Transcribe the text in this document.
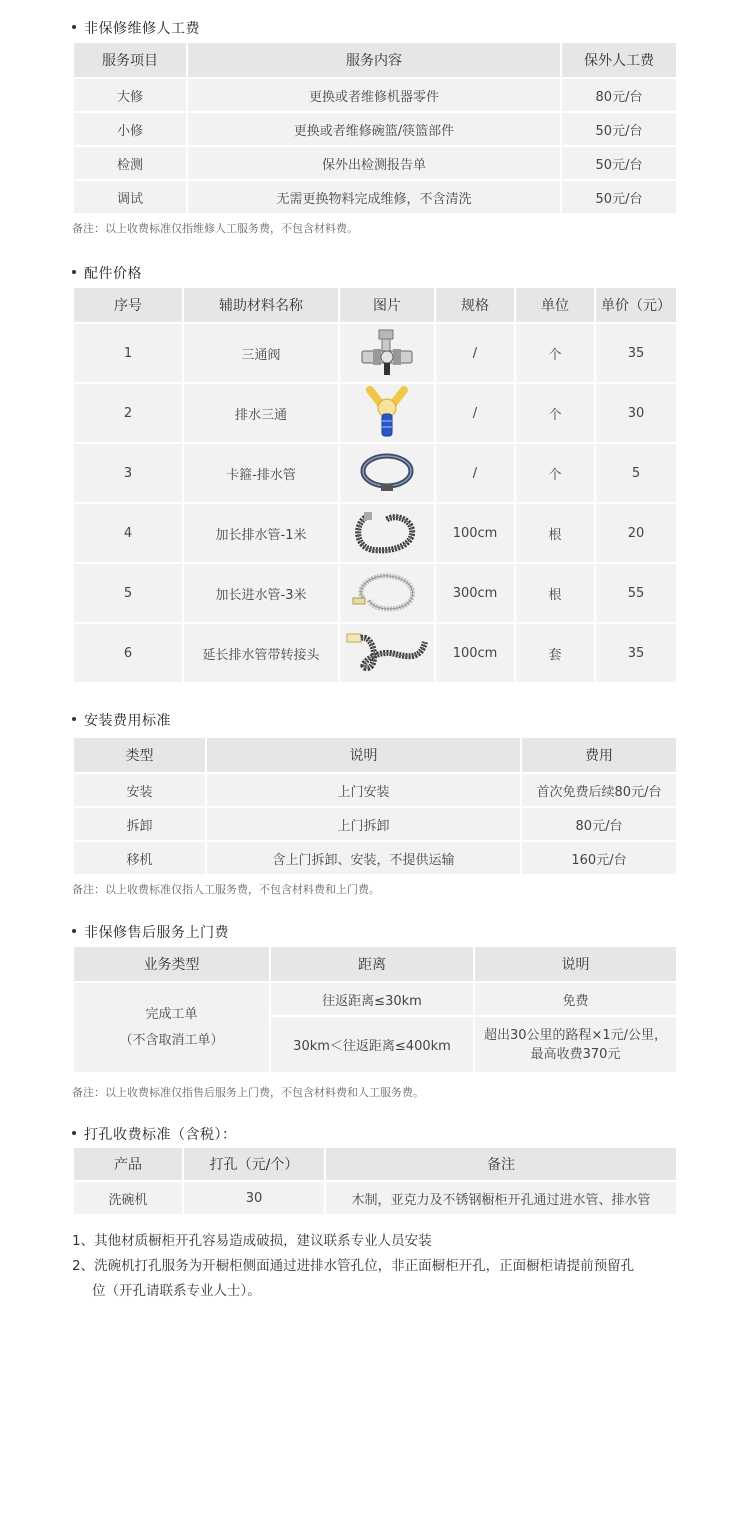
非保修维修人工费
服务项目	服务内容	保外人工费
大修	更换或者维修机器零件	80元/台
小修	更换或者维修碗篮/筷篮部件	50元/台
检测	保外出检测报告单	50元/台
调试	无需更换物料完成维修，不含清洗	50元/台
备注：以上收费标准仅指维修人工服务费，不包含材料费。
配件价格
序号	辅助材料名称	图片	规格	单位	单价（元）
1	三通阀		/	个	35
2	排水三通		/	个	30
3	卡箍-排水管		/	个	5
4	加长排水管-1米		100cm	根	20
5	加长进水管-3米		300cm	根	55
6	延长排水管带转接头		100cm	套	35
安装费用标准
类型	说明	费用
安装	上门安装	首次免费后续80元/台
拆卸	上门拆卸	80元/台
移机	含上门拆卸、安装，不提供运输	160元/台
备注：以上收费标准仅指人工服务费，不包含材料费和上门费。
非保修售后服务上门费
业务类型	距离	说明

完成工单
（不含取消工单）	往返距离≤30km	免费
	30km＜往返距离≤400km	超出30公里的路程×1元/公里，
最高收费370元
备注：以上收费标准仅指售后服务上门费，不包含材料费和人工服务费。
打孔收费标准（含税）：
产品	打孔（元/个）	备注
洗碗机	30	木制，亚克力及不锈钢橱柜开孔通过进水管、排水管
1、其他材质橱柜开孔容易造成破损，建议联系专业人员安装
2、洗碗机打孔服务为开橱柜侧面通过进排水管孔位，非正面橱柜开孔，正面橱柜请提前预留孔
位（开孔请联系专业人士）。
